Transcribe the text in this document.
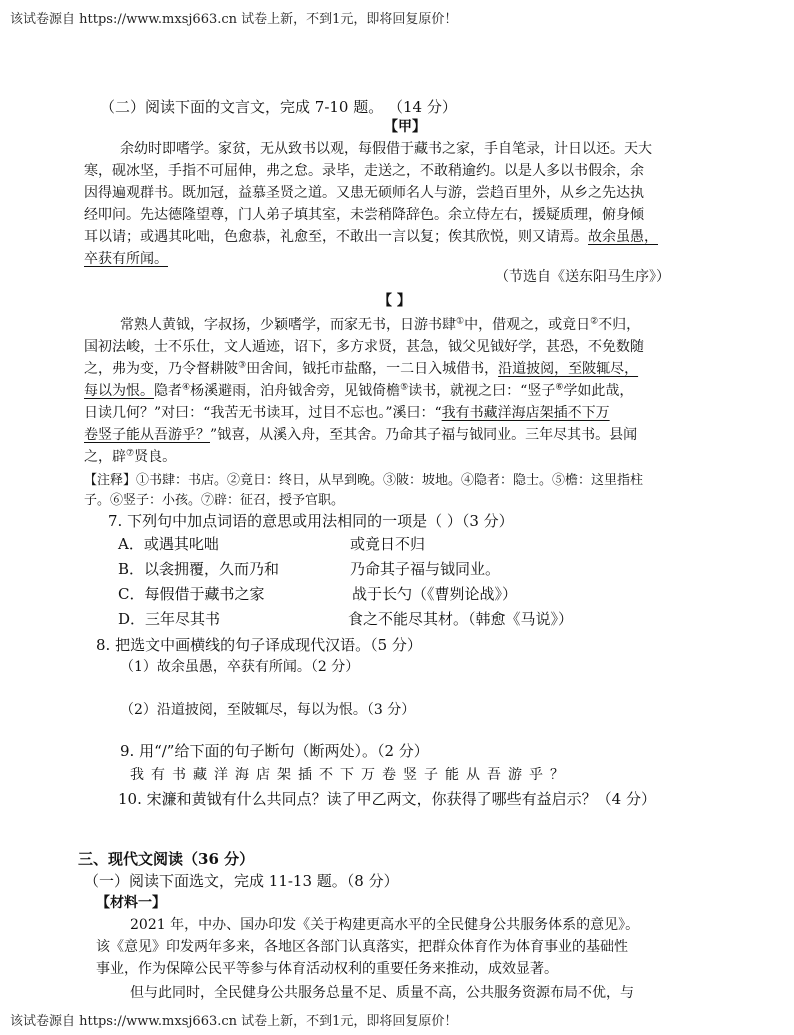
该试卷源自 https://www.mxsj663.cn 试卷上新，不到1元，即将回复原价！
（二）阅读下面的文言文，完成 7-10 题。 （14 分）
【甲】
余幼时即嗜学。家贫，无从致书以观，每假借于藏书之家，手自笔录，计日以还。天大
寒，砚冰坚，手指不可屈伸，弗之怠。录毕，走送之，不敢稍逾约。以是人多以书假余，余
因得遍观群书。既加冠，益慕圣贤之道。又患无硕师名人与游，尝趋百里外，从乡之先达执
经叩问。先达德隆望尊，门人弟子填其室，未尝稍降辞色。余立侍左右，援疑质理，俯身倾
耳以请；或遇其叱咄，色愈恭，礼愈至，不敢出一言以复；俟其欣悦，则又请焉。故余虽愚，
卒获有所闻。
（节选自《送东阳马生序》）
【 】
常熟人黄钺，字叔扬，少颖嗜学，而家无书，日游书肆①中，借观之，或竟日②不归，
国初法峻，士不乐仕，文人遁迹，诏下，多方求贤，甚急，钺父见钺好学，甚恐，不免数随
之，弗为变，乃令督耕陂③田舍间，钺托市盐酪，一二日入城借书，沿道披阅，至陂辄尽，
每以为恨。隐者④杨溪避雨，泊舟钺舍旁，见钺倚檐⑤读书，就视之曰：“竖子⑥学如此哉，
日读几何？”对曰：“我苦无书读耳，过目不忘也。”溪曰：“我有书藏洋海店架插不下万
卷竖子能从吾游乎？”钺喜，从溪入舟，至其舍。乃命其子福与钺同业。三年尽其书。县闻
之，辟⑦贤良。
【注释】①书肆：书店。②竟日：终日，从早到晚。③陂：坡地。④隐者：隐士。⑤檐：这里指柱
子。⑥竖子：小孩。⑦辟：征召，授予官职。
7. 下列句中加点词语的意思或用法相同的一项是（ ）（3 分）
A．或遇其叱咄	或竟日不归
B．以衾拥覆，久而乃和	乃命其子福与钺同业。
C．每假借于藏书之家	战于长勺（《曹刿论战》）
D．三年尽其书	食之不能尽其材。（韩愈《马说》）
8. 把选文中画横线的句子译成现代汉语。（5 分）
（1）故余虽愚，卒获有所闻。（2 分）
（2）沿道披阅，至陂辄尽，每以为恨。（3 分）
9. 用“/”给下面的句子断句（断两处）。（2 分）
我有书藏洋海店架插不下万卷竖子能从吾游乎？
10. 宋濂和黄钺有什么共同点？读了甲乙两文，你获得了哪些有益启示？（4 分）
三、现代文阅读（36 分）
（一）阅读下面选文，完成 11-13 题。（8 分）
【材料一】
2021 年，中办、国办印发《关于构建更高水平的全民健身公共服务体系的意见》。
该《意见》印发两年多来，各地区各部门认真落实，把群众体育作为体育事业的基础性
事业，作为保障公民平等参与体育活动权利的重要任务来推动，成效显著。
但与此同时，全民健身公共服务总量不足、质量不高，公共服务资源布局不优，与
该试卷源自 https://www.mxsj663.cn 试卷上新，不到1元，即将回复原价！
